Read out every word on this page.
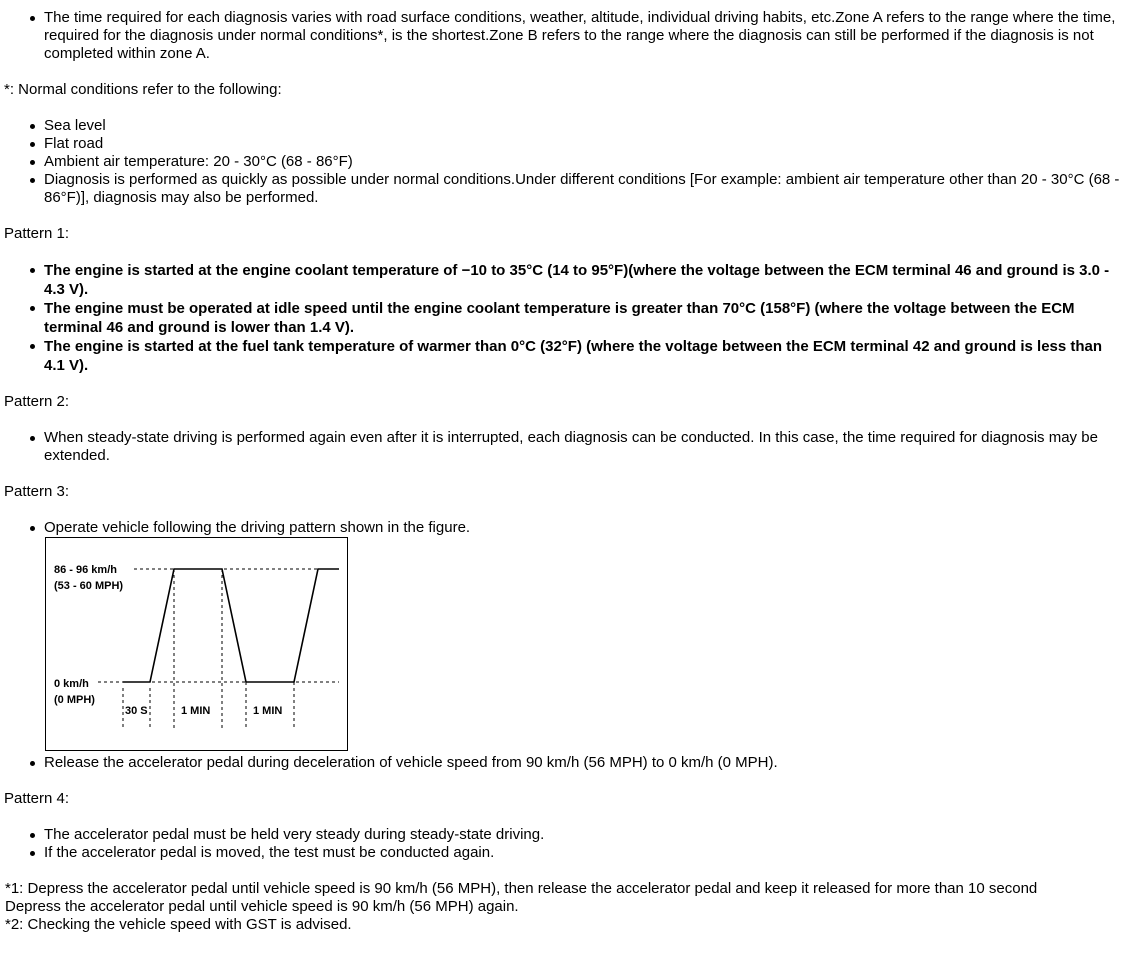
The time required for each diagnosis varies with road surface conditions, weather, altitude, individual driving habits, etc.Zone A refers to the range where the time, required for the diagnosis under normal conditions*, is the shortest.Zone B refers to the range where the diagnosis can still be performed if the diagnosis is not completed within zone A.

*: Normal conditions refer to the following:

Sea level
Flat road
Ambient air temperature: 20 - 30°C (68 - 86°F)
Diagnosis is performed as quickly as possible under normal conditions.Under different conditions [For example: ambient air temperature other than 20 - 30°C (68 - 86°F)], diagnosis may also be performed.

Pattern 1:

The engine is started at the engine coolant temperature of −10 to 35°C (14 to 95°F)(where the voltage between the ECM terminal 46 and ground is 3.0 - 4.3 V).
The engine must be operated at idle speed until the engine coolant temperature is greater than 70°C (158°F) (where the voltage between the ECM terminal 46 and ground is lower than 1.4 V).
The engine is started at the fuel tank temperature of warmer than 0°C (32°F) (where the voltage between the ECM terminal 42 and ground is less than 4.1 V).

Pattern 2:

When steady-state driving is performed again even after it is interrupted, each diagnosis can be conducted. In this case, the time required for diagnosis may be extended.

Pattern 3:

Operate vehicle following the driving pattern shown in the figure.
86 - 96 km/h
(53 - 60 MPH)
0 km/h
(0 MPH)
30 S	1 MIN	1 MIN
Release the accelerator pedal during deceleration of vehicle speed from 90 km/h (56 MPH) to 0 km/h (0 MPH).

Pattern 4:

The accelerator pedal must be held very steady during steady-state driving.
If the accelerator pedal is moved, the test must be conducted again.

*1: Depress the accelerator pedal until vehicle speed is 90 km/h (56 MPH), then release the accelerator pedal and keep it released for more than 10 second

Depress the accelerator pedal until vehicle speed is 90 km/h (56 MPH) again.

*2: Checking the vehicle speed with GST is advised.
